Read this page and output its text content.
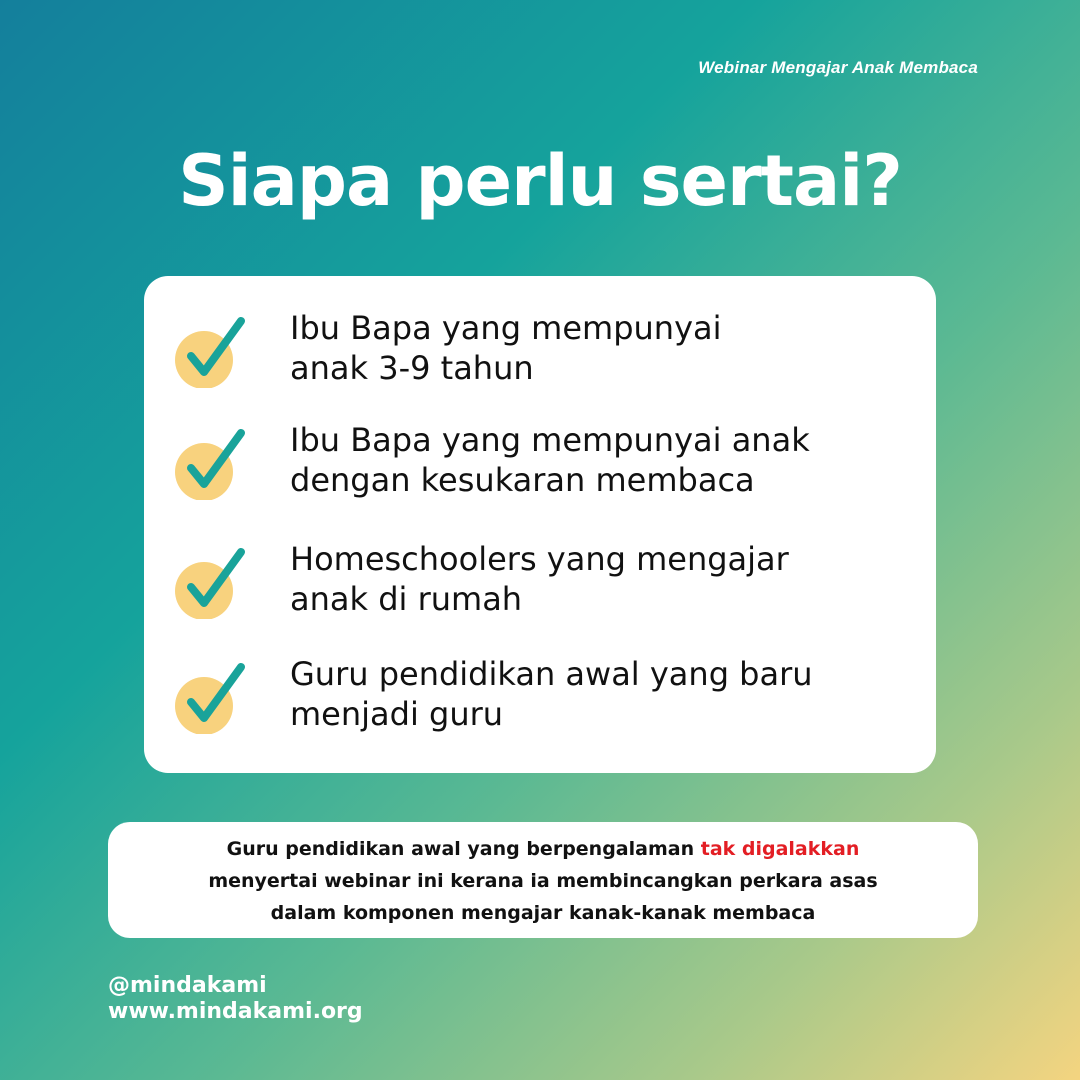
Webinar Mengajar Anak Membaca
Siapa perlu sertai?
Ibu Bapa yang mempunyai
anak 3-9 tahun
Ibu Bapa yang mempunyai anak
dengan kesukaran membaca
Homeschoolers yang mengajar
anak di rumah
Guru pendidikan awal yang baru
menjadi guru
Guru pendidikan awal yang berpengalaman tak digalakkan
menyertai webinar ini kerana ia membincangkan perkara asas
dalam komponen mengajar kanak-kanak membaca
@mindakami
www.mindakami.org
